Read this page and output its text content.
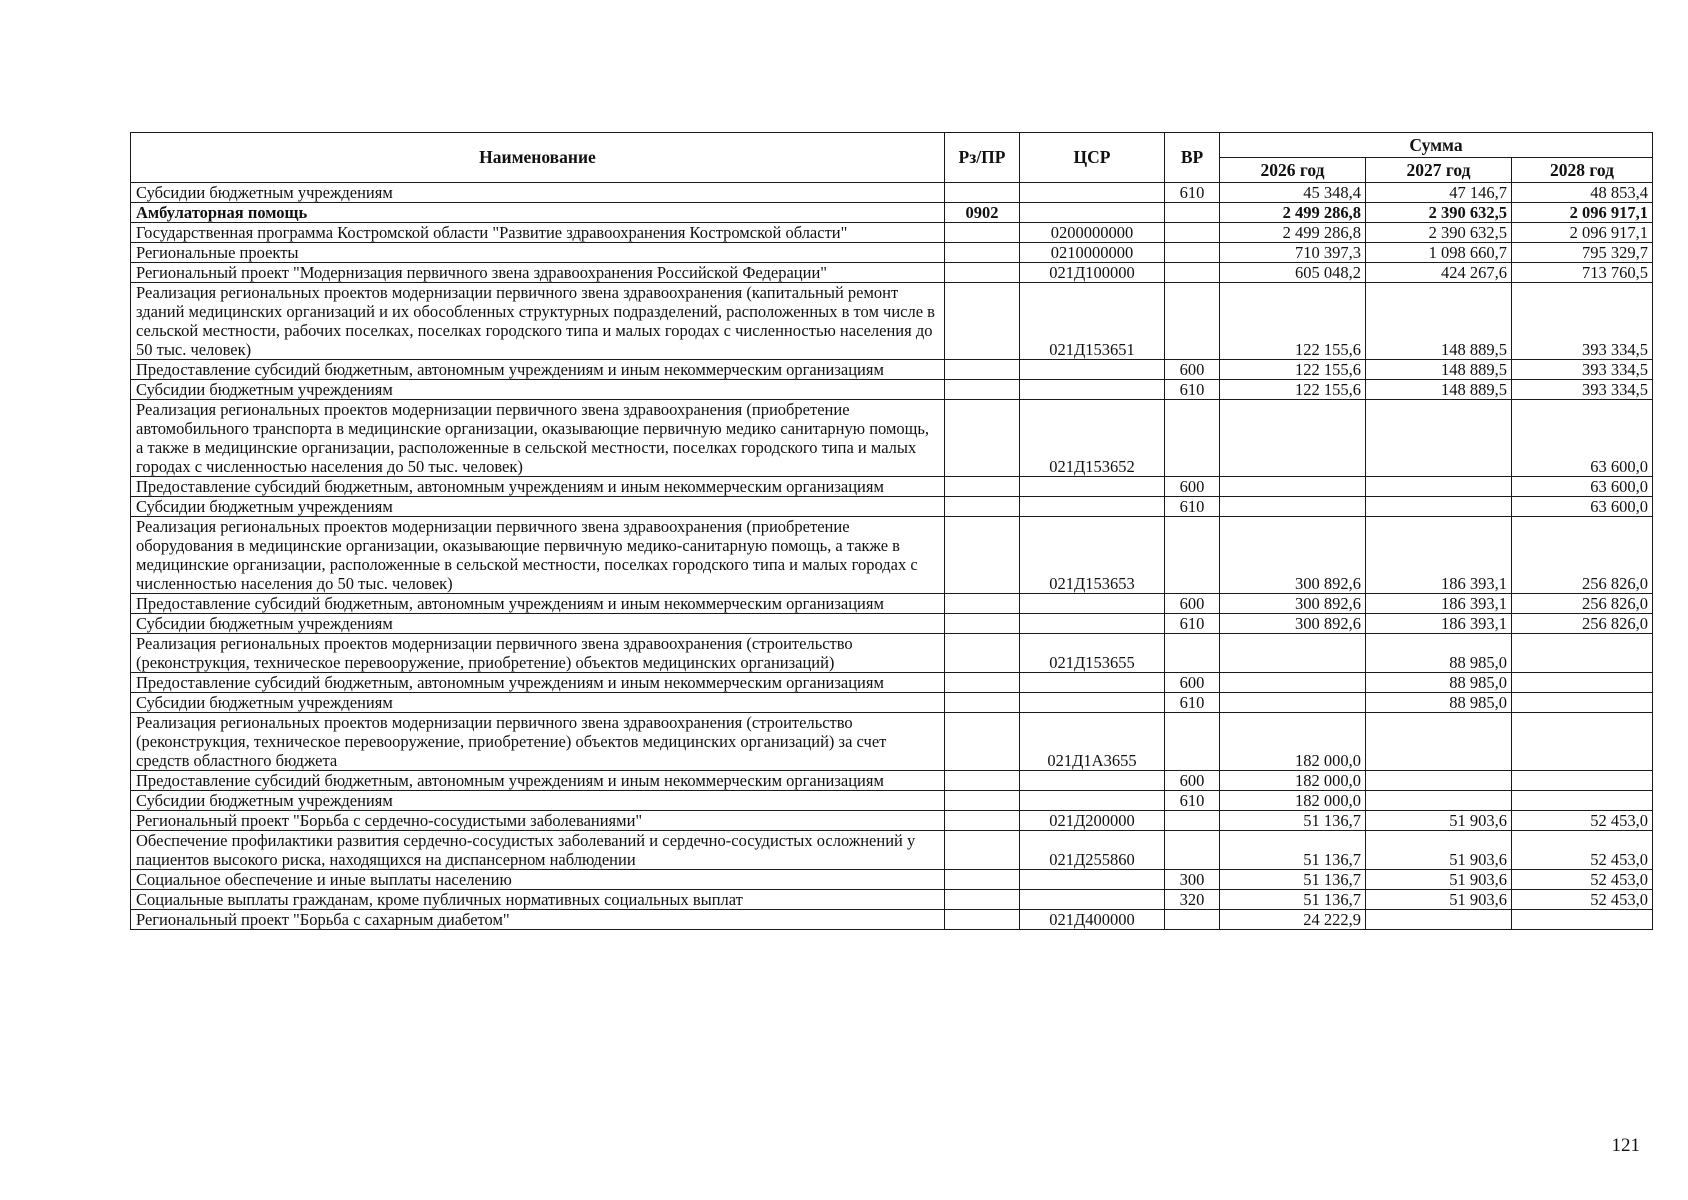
Наименование	Рз/ПР	ЦСР	ВР	Сумма		
				2026 год	2027 год	2028 год
Субсидии бюджетным учреждениям			610	45 348,4	47 146,7	48 853,4
Амбулаторная помощь	0902			2 499 286,8	2 390 632,5	2 096 917,1
Государственная программа Костромской области "Развитие здравоохранения Костромской области"		0200000000		2 499 286,8	2 390 632,5	2 096 917,1
Региональные проекты		0210000000		710 397,3	1 098 660,7	795 329,7
Региональный проект "Модернизация первичного звена здравоохранения Российской Федерации"		021Д100000		605 048,2	424 267,6	713 760,5
Реализация региональных проектов модернизации первичного звена здравоохранения (капитальный ремонт зданий медицинских организаций и их обособленных структурных подразделений, расположенных в том числе в сельской местности, рабочих поселках, поселках городского типа и малых городах с численностью населения до 50 тыс. человек)		021Д153651		122 155,6	148 889,5	393 334,5
Предоставление субсидий бюджетным, автономным учреждениям и иным некоммерческим организациям			600	122 155,6	148 889,5	393 334,5
Субсидии бюджетным учреждениям			610	122 155,6	148 889,5	393 334,5
Реализация региональных проектов модернизации первичного звена здравоохранения (приобретение автомобильного транспорта в медицинские организации, оказывающие первичную медико санитарную помощь, а также в медицинские организации, расположенные в сельской местности, поселках городского типа и малых городах с численностью населения до 50 тыс. человек)		021Д153652				63 600,0
Предоставление субсидий бюджетным, автономным учреждениям и иным некоммерческим организациям			600			63 600,0
Субсидии бюджетным учреждениям			610			63 600,0
Реализация региональных проектов модернизации первичного звена здравоохранения (приобретение оборудования в медицинские организации, оказывающие первичную медико-санитарную помощь, а также в медицинские организации, расположенные в сельской местности, поселках городского типа и малых городах с численностью населения до 50 тыс. человек)		021Д153653		300 892,6	186 393,1	256 826,0
Предоставление субсидий бюджетным, автономным учреждениям и иным некоммерческим организациям			600	300 892,6	186 393,1	256 826,0
Субсидии бюджетным учреждениям			610	300 892,6	186 393,1	256 826,0
Реализация региональных проектов модернизации первичного звена здравоохранения (строительство (реконструкция, техническое перевооружение, приобретение) объектов медицинских организаций)		021Д153655			88 985,0	
Предоставление субсидий бюджетным, автономным учреждениям и иным некоммерческим организациям			600		88 985,0	
Субсидии бюджетным учреждениям			610		88 985,0	
Реализация региональных проектов модернизации первичного звена здравоохранения (строительство (реконструкция, техническое перевооружение, приобретение) объектов медицинских организаций) за счет средств областного бюджета		021Д1А3655		182 000,0		
Предоставление субсидий бюджетным, автономным учреждениям и иным некоммерческим организациям			600	182 000,0		
Субсидии бюджетным учреждениям			610	182 000,0		
Региональный проект "Борьба с сердечно-сосудистыми заболеваниями"		021Д200000		51 136,7	51 903,6	52 453,0
Обеспечение профилактики развития сердечно-сосудистых заболеваний и сердечно-сосудистых осложнений у пациентов высокого риска, находящихся на диспансерном наблюдении		021Д255860		51 136,7	51 903,6	52 453,0
Социальное обеспечение и иные выплаты населению			300	51 136,7	51 903,6	52 453,0
Социальные выплаты гражданам, кроме публичных нормативных социальных выплат			320	51 136,7	51 903,6	52 453,0
Региональный проект "Борьба с сахарным диабетом"		021Д400000		24 222,9		
121
